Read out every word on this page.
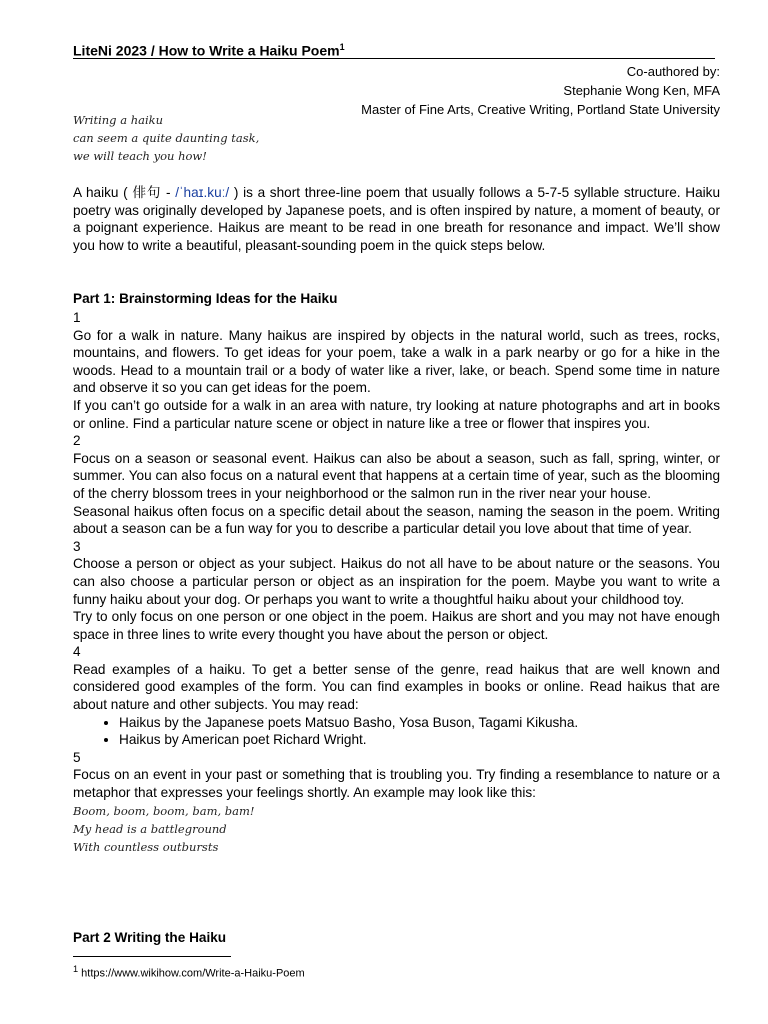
LiteNi 2023 / How to Write a Haiku Poem$^1$
Co-authored by:
Stephanie Wong Ken, MFA
Master of Fine Arts, Creative Writing, Portland State University
Writing a haiku
can seem a quite daunting task,
we will teach you how!

A haiku ( 俳句 - /ˈhaɪ.kuː/ ) is a short three-line poem that usually follows a 5-7-5 syllable structure. Haiku poetry was originally developed by Japanese poets, and is often inspired by nature, a moment of beauty, or a poignant experience. Haikus are meant to be read in one breath for resonance and impact. We’ll show you how to write a beautiful, pleasant-sounding poem in the quick steps below.

Part 1: Brainstorming Ideas for the Haiku

1

Go for a walk in nature. Many haikus are inspired by objects in the natural world, such as trees, rocks, mountains, and flowers. To get ideas for your poem, take a walk in a park nearby or go for a hike in the woods. Head to a mountain trail or a body of water like a river, lake, or beach. Spend some time in nature and observe it so you can get ideas for the poem.

If you can’t go outside for a walk in an area with nature, try looking at nature photographs and art in books or online. Find a particular nature scene or object in nature like a tree or flower that inspires you.

2

Focus on a season or seasonal event. Haikus can also be about a season, such as fall, spring, winter, or summer. You can also focus on a natural event that happens at a certain time of year, such as the blooming of the cherry blossom trees in your neighborhood or the salmon run in the river near your house.

Seasonal haikus often focus on a specific detail about the season, naming the season in the poem. Writing about a season can be a fun way for you to describe a particular detail you love about that time of year.

3

Choose a person or object as your subject. Haikus do not all have to be about nature or the seasons. You can also choose a particular person or object as an inspiration for the poem. Maybe you want to write a funny haiku about your dog. Or perhaps you want to write a thoughtful haiku about your childhood toy.

Try to only focus on one person or one object in the poem. Haikus are short and you may not have enough space in three lines to write every thought you have about the person or object.

4

Read examples of a haiku. To get a better sense of the genre, read haikus that are well known and considered good examples of the form. You can find examples in books or online. Read haikus that are about nature and other subjects. You may read:

• Haikus by the Japanese poets Matsuo Basho, Yosa Buson, Tagami Kikusha.
• Haikus by American poet Richard Wright.

5

Focus on an event in your past or something that is troubling you. Try finding a resemblance to nature or a metaphor that expresses your feelings shortly. An example may look like this:

Boom, boom, boom, bam, bam!
My head is a battleground
With countless outbursts
Part 2 Writing the Haiku
$^1$ https://www.wikihow.com/Write-a-Haiku-Poem
